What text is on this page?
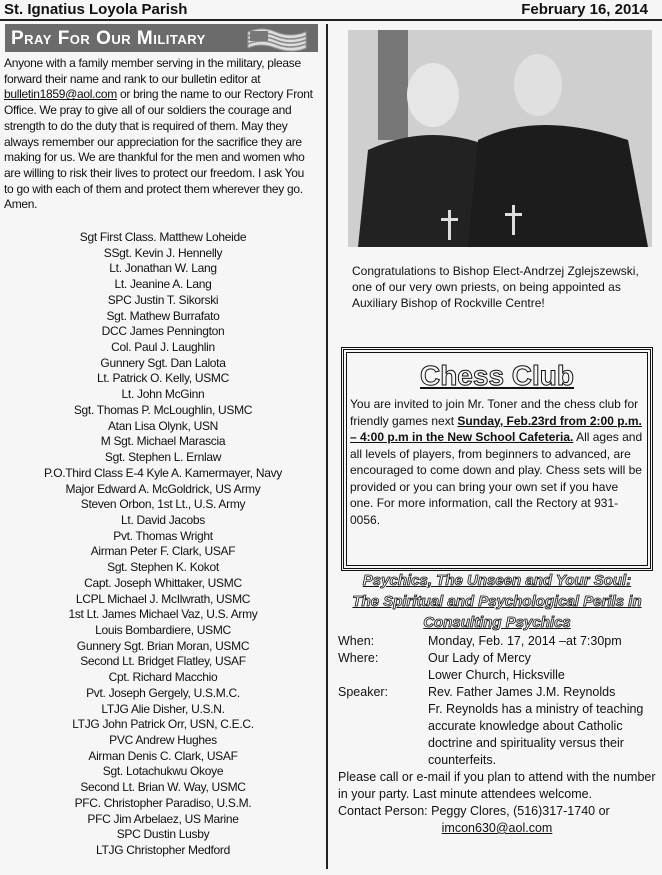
St. Ignatius Loyola Parish	February 16, 2014
Pray For Our Military
Anyone with a family member serving in the military, please forward their name and rank to our bulletin editor at bulletin1859@aol.com or bring the name to our Rectory Front Office. We pray to give all of our soldiers the courage and strength to do the duty that is required of them. May they always remember our appreciation for the sacrifice they are making for us. We are thankful for the men and women who are willing to risk their lives to protect our freedom. I ask You to go with each of them and protect them wherever they go. Amen.
Sgt First Class. Matthew Loheide
SSgt. Kevin J. Hennelly
Lt. Jonathan W. Lang
Lt. Jeanine A. Lang
SPC Justin T. Sikorski
Sgt. Mathew Burrafato
DCC James Pennington
Col. Paul J. Laughlin
Gunnery Sgt. Dan Lalota
Lt. Patrick O. Kelly, USMC
Lt. John McGinn
Sgt. Thomas P. McLoughlin, USMC
Atan Lisa Olynk, USN
M Sgt. Michael Marascia
Sgt. Stephen L. Ernlaw
P.O.Third Class E-4 Kyle A. Kamermayer, Navy
Major Edward A. McGoldrick, US Army
Steven Orbon, 1st Lt., U.S. Army
Lt. David Jacobs
Pvt. Thomas Wright
Airman Peter F. Clark, USAF
Sgt. Stephen K. Kokot
Capt. Joseph Whittaker, USMC
LCPL Michael J. McIlwrath, USMC
1st Lt. James Michael Vaz, U.S. Army
Louis Bombardiere, USMC
Gunnery Sgt. Brian Moran, USMC
Second Lt. Bridget Flatley, USAF
Cpt. Richard Macchio
Pvt. Joseph Gergely, U.S.M.C.
LTJG Alie Disher, U.S.N.
LTJG John Patrick Orr, USN, C.E.C.
PVC Andrew Hughes
Airman Denis C. Clark, USAF
Sgt. Lotachukwu Okoye
Second Lt. Brian W. Way, USMC
PFC. Christopher Paradiso, U.S.M.
PFC Jim Arbelaez, US Marine
SPC Dustin Lusby
LTJG Christopher Medford
Congratulations to Bishop Elect-Andrzej Zglejszewski, one of our very own priests, on being appointed as Auxiliary Bishop of Rockville Centre!
Chess Club

You are invited to join Mr. Toner and the chess club for friendly games next Sunday, Feb.23rd from 2:00 p.m. – 4:00 p.m in the New School Cafeteria. All ages and all levels of players, from beginners to advanced, are encouraged to come down and play. Chess sets will be provided or you can bring your own set if you have one. For more information, call the Rectory at 931-0056.

Psychics, The Unseen and Your Soul:
The Spiritual and Psychological Perils in Consulting Psychics
When:	Monday, Feb. 17, 2014 –at 7:30pm
Where:	Our Lady of Mercy
Lower Church, Hicksville
Speaker:	Rev. Father James J.M. Reynolds
Fr. Reynolds has a ministry of teaching accurate knowledge about Catholic doctrine and spirituality versus their counterfeits.
Please call or e-mail if you plan to attend with the number in your party. Last minute attendees welcome.
Contact Person: Peggy Clores, (516)317-1740 or
imcon630@aol.com
